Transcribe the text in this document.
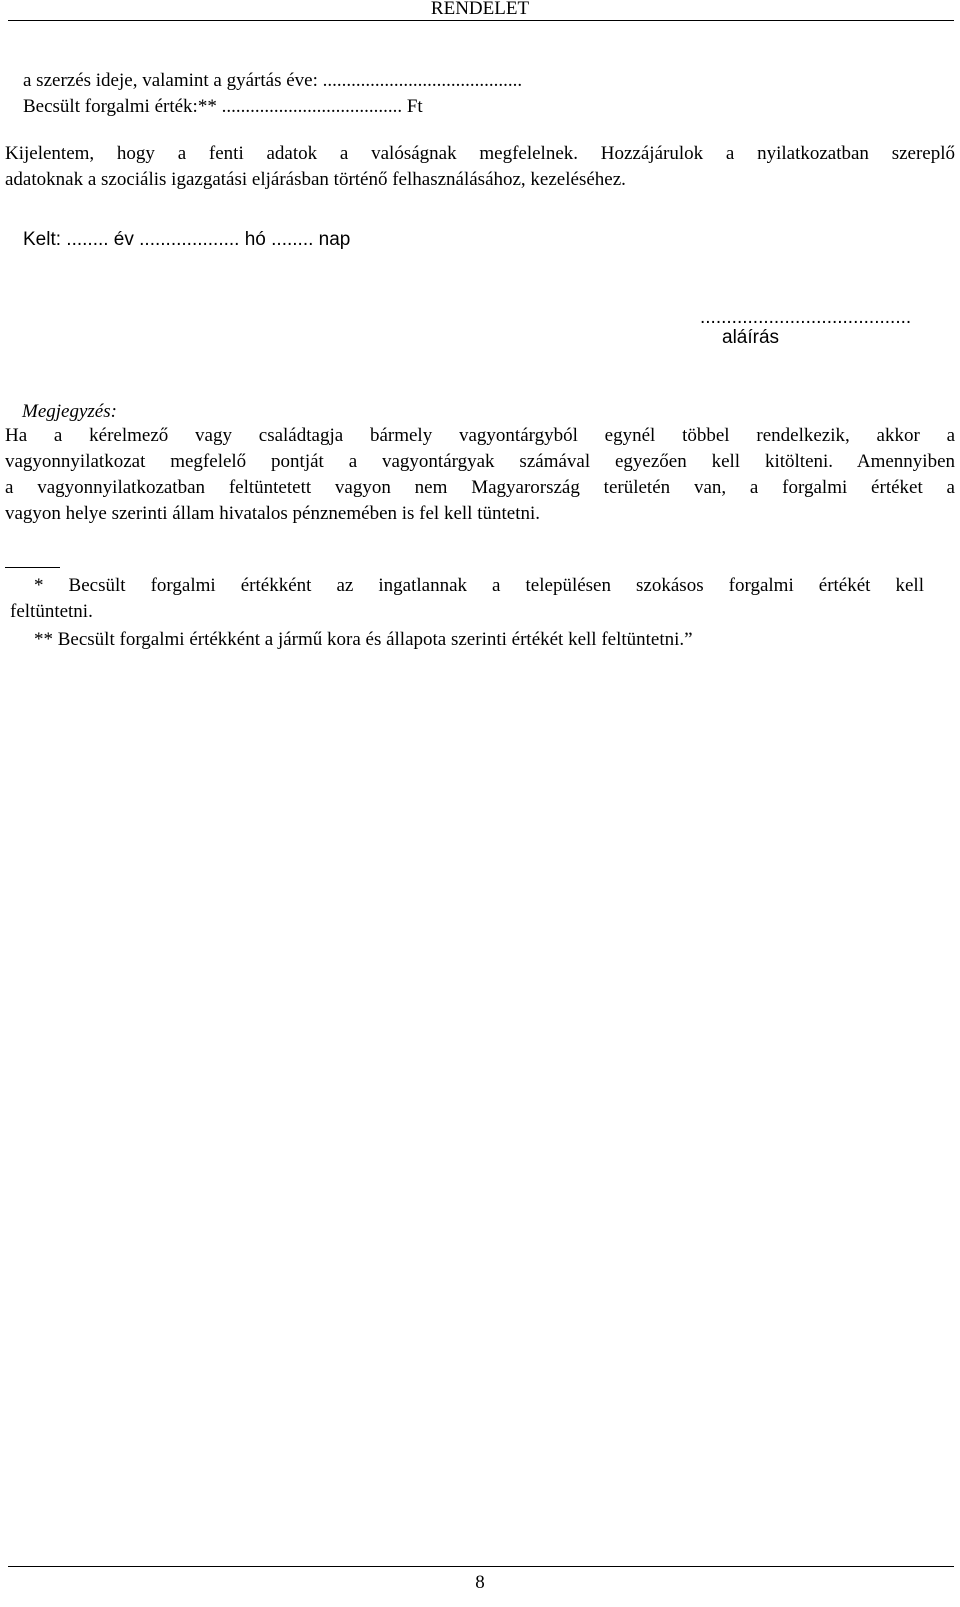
RENDELET
a szerzés ideje, valamint a gyártás éve: ..........................................
Becsült forgalmi érték:** ...................................... Ft
Kijelentem, hogy a fenti adatok a valóságnak megfelelnek. Hozzájárulok a nyilatkozatban szereplő
adatoknak a szociális igazgatási eljárásban történő felhasználásához, kezeléséhez.
Kelt: ........ év ................... hó ........ nap
........................................
aláírás
Megjegyzés:
Ha a kérelmező vagy családtagja bármely vagyontárgyból egynél többel rendelkezik, akkor a
vagyonnyilatkozat megfelelő pontját a vagyontárgyak számával egyezően kell kitölteni. Amennyiben
a vagyonnyilatkozatban feltüntetett vagyon nem Magyarország területén van, a forgalmi értéket a
vagyon helye szerinti állam hivatalos pénznemében is fel kell tüntetni.
* Becsült forgalmi értékként az ingatlannak a településen szokásos forgalmi értékét kell
feltüntetni.
** Becsült forgalmi értékként a jármű kora és állapota szerinti értékét kell feltüntetni.”
8
